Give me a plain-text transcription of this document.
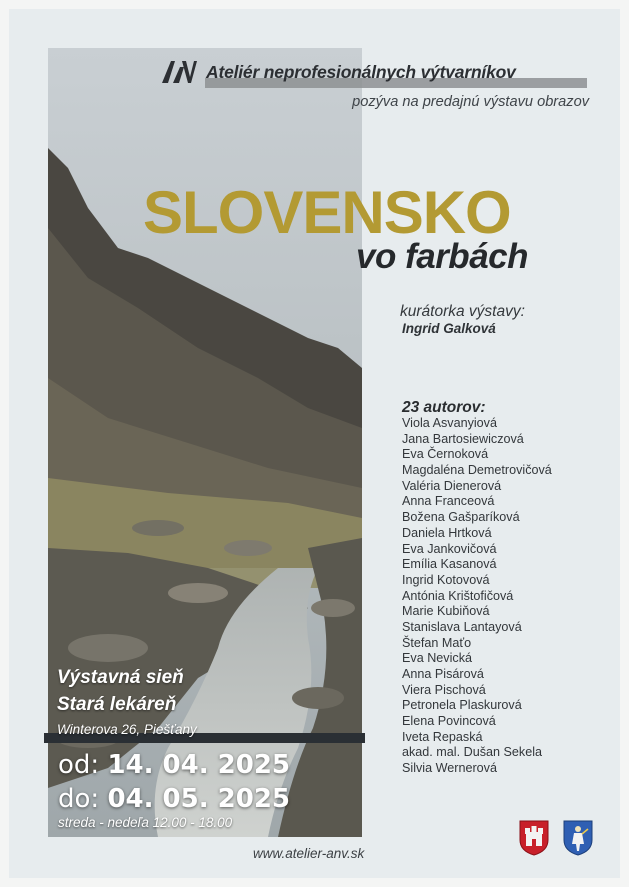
Ateliér neprofesionálnych výtvarníkov
pozýva na predajnú výstavu obrazov
SLOVENSKO
vo farbách
kurátorka výstavy:
Ingrid Galková
23 autorov:
Viola Asvanyiová
Jana Bartosiewiczová
Eva Černoková
Magdaléna Demetrovičová
Valéria Dienerová
Anna Franceová
Božena Gašparíková
Daniela Hrtková
Eva Jankovičová
Emília Kasanová
Ingrid Kotovová
Antónia Krištofičová
Marie Kubiňová
Stanislava Lantayová
Štefan Maťo
Eva Nevická
Anna Pisárová
Viera Pischová
Petronela Plaskurová
Elena Povincová
Iveta Repaská
akad. mal. Dušan Sekela
Silvia Wernerová
Výstavná sieň
Stará lekáreň
Winterova 26, Piešťany
od: 14. 04. 2025
do: 04. 05. 2025
streda - nedeľa 12.00 - 18.00
www.atelier-anv.sk
